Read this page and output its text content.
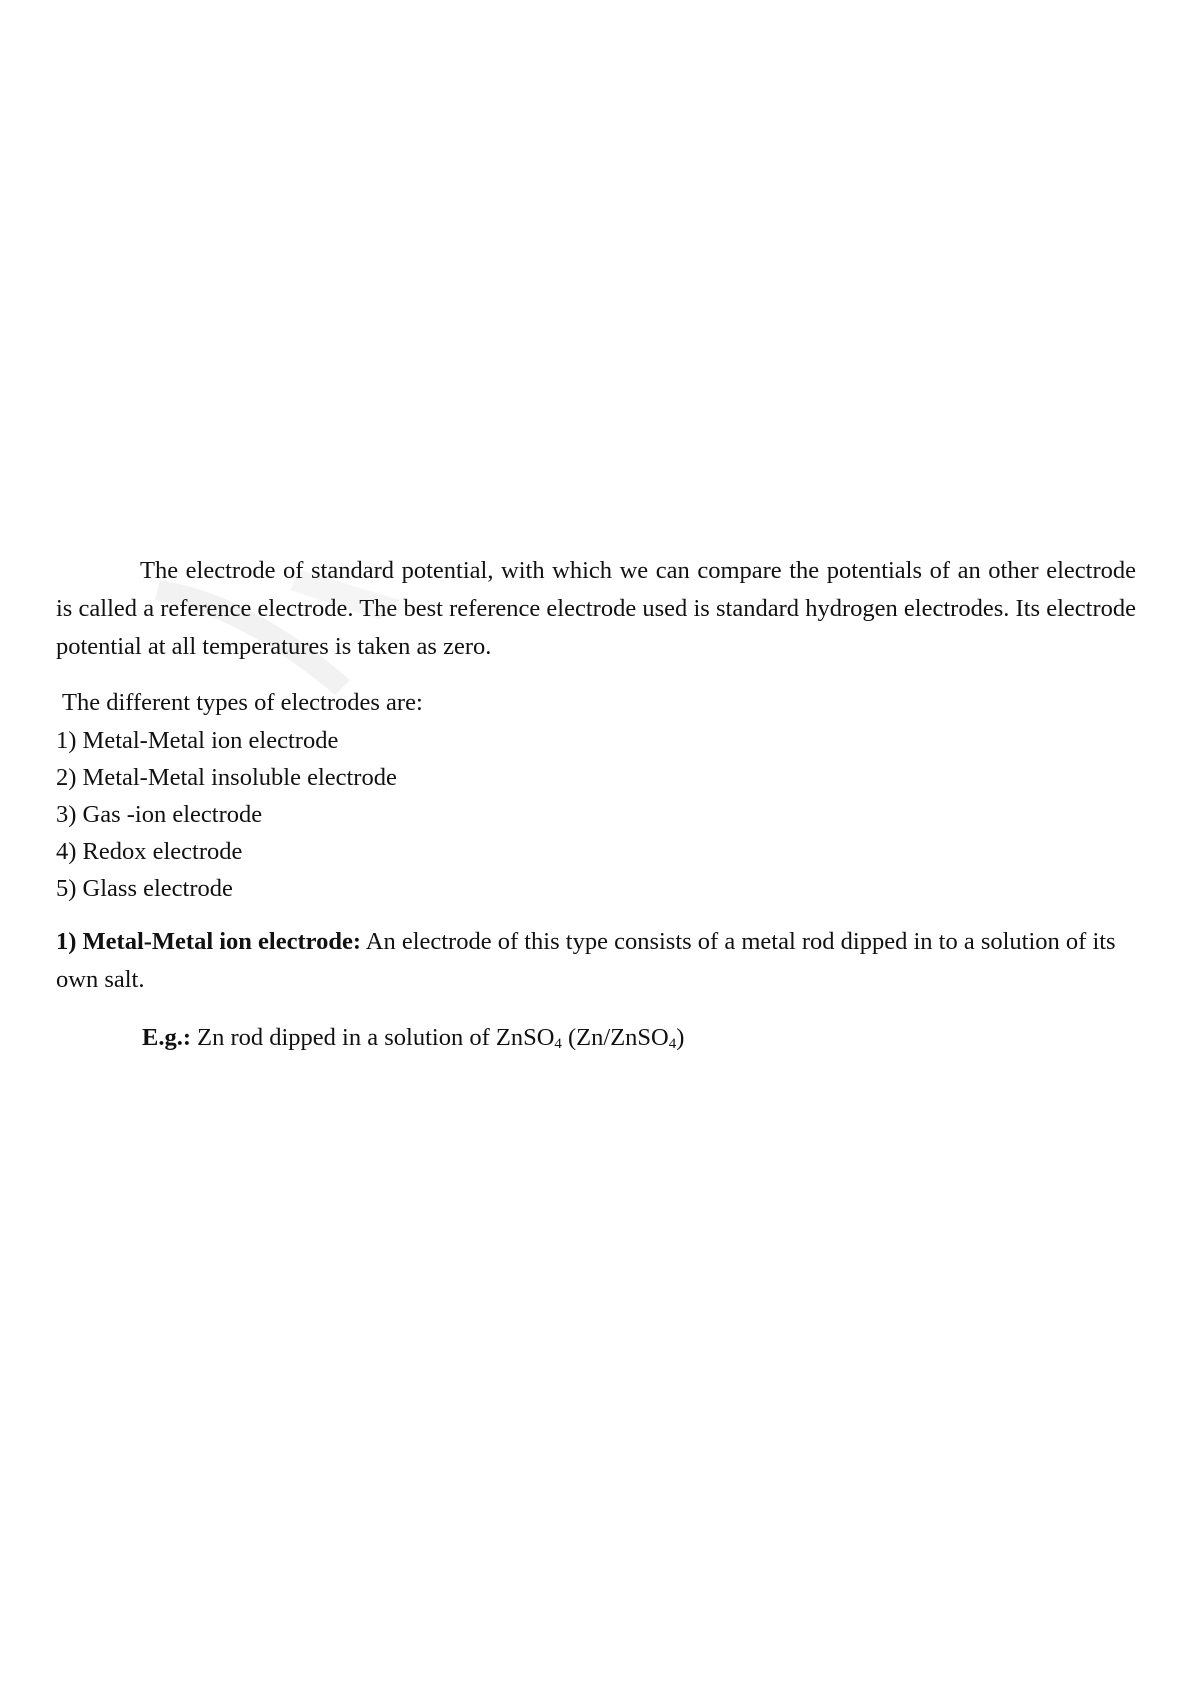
The electrode of standard potential, with which we can compare the potentials of an other electrode is called a reference electrode. The best reference electrode used is standard hydrogen electrodes. Its electrode potential at all temperatures is taken as zero.

The different types of electrodes are:

1) Metal-Metal ion electrode
2) Metal-Metal insoluble electrode
3) Gas -ion electrode
4) Redox electrode
5) Glass electrode

1) Metal-Metal ion electrode: An electrode of this type consists of a metal rod dipped in to a solution of its own salt.

E.g.: Zn rod dipped in a solution of ZnSO$_4$ (Zn/ZnSO$_4$)
